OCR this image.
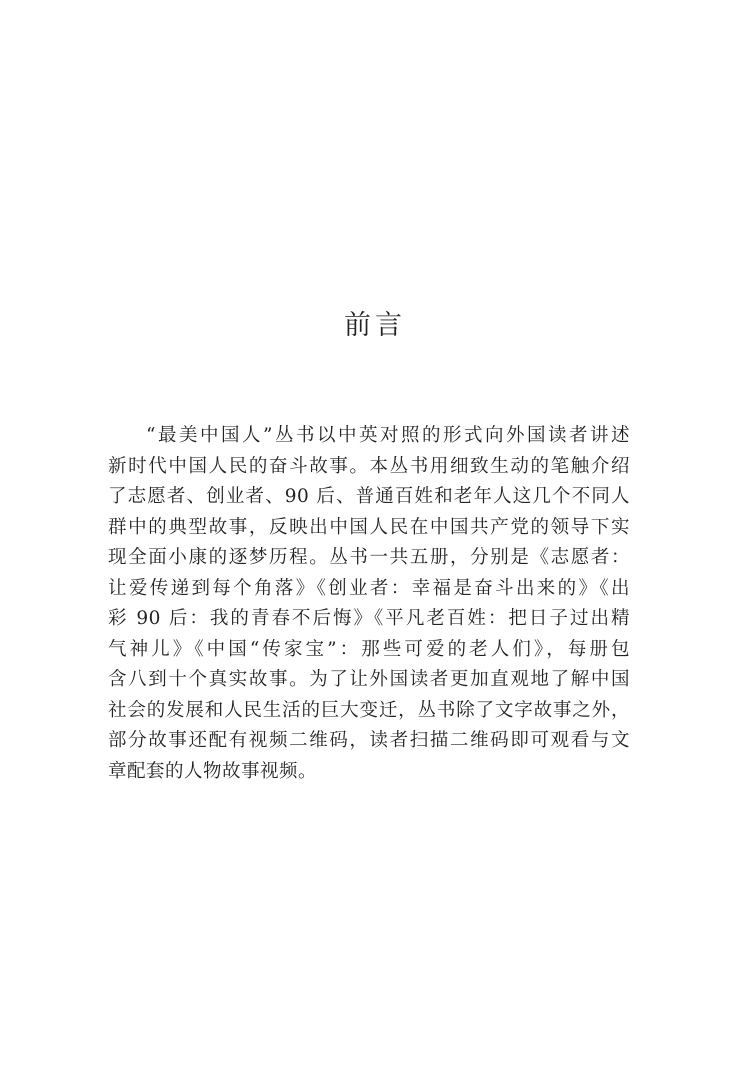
前言
“最美中国人”丛书以中英对照的形式向外国读者讲述
新时代中国人民的奋斗故事。本丛书用细致生动的笔触介绍
了志愿者、创业者、90 后、普通百姓和老年人这几个不同人
群中的典型故事，反映出中国人民在中国共产党的领导下实
现全面小康的逐梦历程。丛书一共五册，分别是《志愿者：
让爱传递到每个角落》《创业者：幸福是奋斗出来的》《出
彩 90 后：我的青春不后悔》《平凡老百姓：把日子过出精
气神儿》《中国“传家宝”：那些可爱的老人们》，每册包
含八到十个真实故事。为了让外国读者更加直观地了解中国
社会的发展和人民生活的巨大变迁，丛书除了文字故事之外，
部分故事还配有视频二维码，读者扫描二维码即可观看与文
章配套的人物故事视频。
